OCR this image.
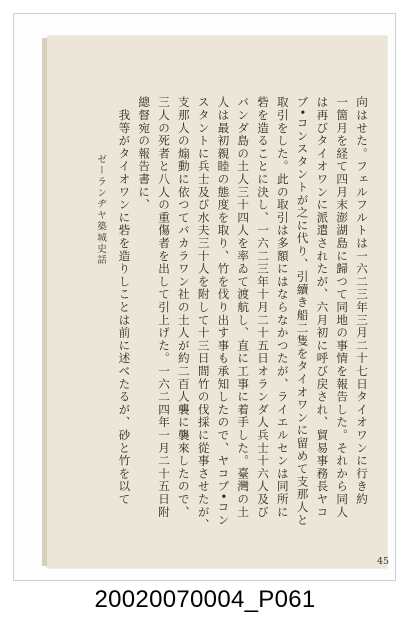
向はせた。フェルフルトは一六二三年三月二十七日タイオワンに行き約
一箇月を経て四月末澎湖島に歸つて同地の事情を報告した。それから同人
は再びタイオワンに派遣されたが、六月初に呼び戻され、貿易事務長ヤコ
ブ•コンスタントが之に代り、引續き船二隻をタイオワンに留めて支那人と
取引をした。此の取引は多額にはならなかつたが、ライエルセンは同所に
砦を造ることに決し、一六二三年十月二十五日オランダ人兵士十六人及び
バンダ島の土人三十四人を率ゐて渡航し、直に工事に着手した。臺灣の土
人は最初親睦の態度を取り、竹を伐り出す事も承知したので、ヤコブ•コン
スタントに兵士及び水夫三十人を附して十三日間竹の伐採に從事させたが、
支那人の煽動に依つてバカラワン社の土人が約二百人襲に襲來したので、
三人の死者と八人の重傷者を出して引上げた。一六二四年一月二十五日附
總督宛の報告書に、
　我等がタイオワンに砦を造りしことは前に述べたるが、砂と竹を以て
ゼーランヂヤ築城史話
45
20020070004_P061
